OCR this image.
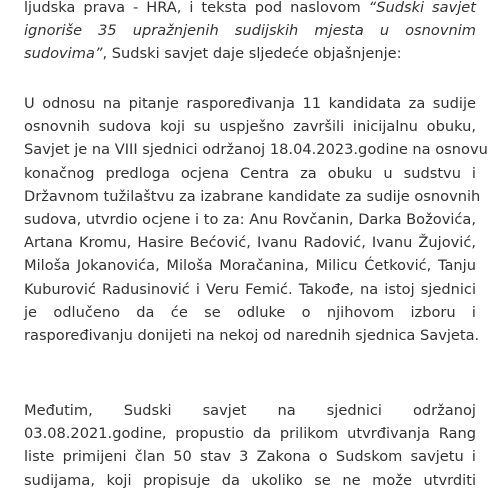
ljudska prava - HRA, i teksta pod naslovom “Sudski savjet
ignoriše 35 upražnjenih sudijskih mjesta u osnovnim
sudovima”, Sudski savjet daje sljedeće objašnjenje:
U odnosu na pitanje raspoređivanja 11 kandidata za sudije
osnovnih sudova koji su uspješno završili inicijalnu obuku,
Savjet je na VIII sjednici održanoj 18.04.2023.godine na osnovu
konačnog predloga ocjena Centra za obuku u sudstvu i
Državnom tužilaštvu za izabrane kandidate za sudije osnovnih
sudova, utvrdio ocjene i to za: Anu Rovčanin, Darka Božovića,
Artana Kromu, Hasire Bećović, Ivanu Radović, Ivanu Žujović,
Miloša Jokanovića, Miloša Moračanina, Milicu Ćetković, Tanju
Kuburović Radusinović i Veru Femić. Takođe, na istoj sjednici
je odlučeno da će se odluke o njihovom izboru i
raspoređivanju donijeti na nekoj od narednih sjednica Savjeta.
Međutim, Sudski savjet na sjednici održanoj
03.08.2021.godine, propustio da prilikom utvrđivanja Rang
liste primijeni član 50 stav 3 Zakona o Sudskom savjetu i
sudijama, koji propisuje da ukoliko se ne može utvrditi
